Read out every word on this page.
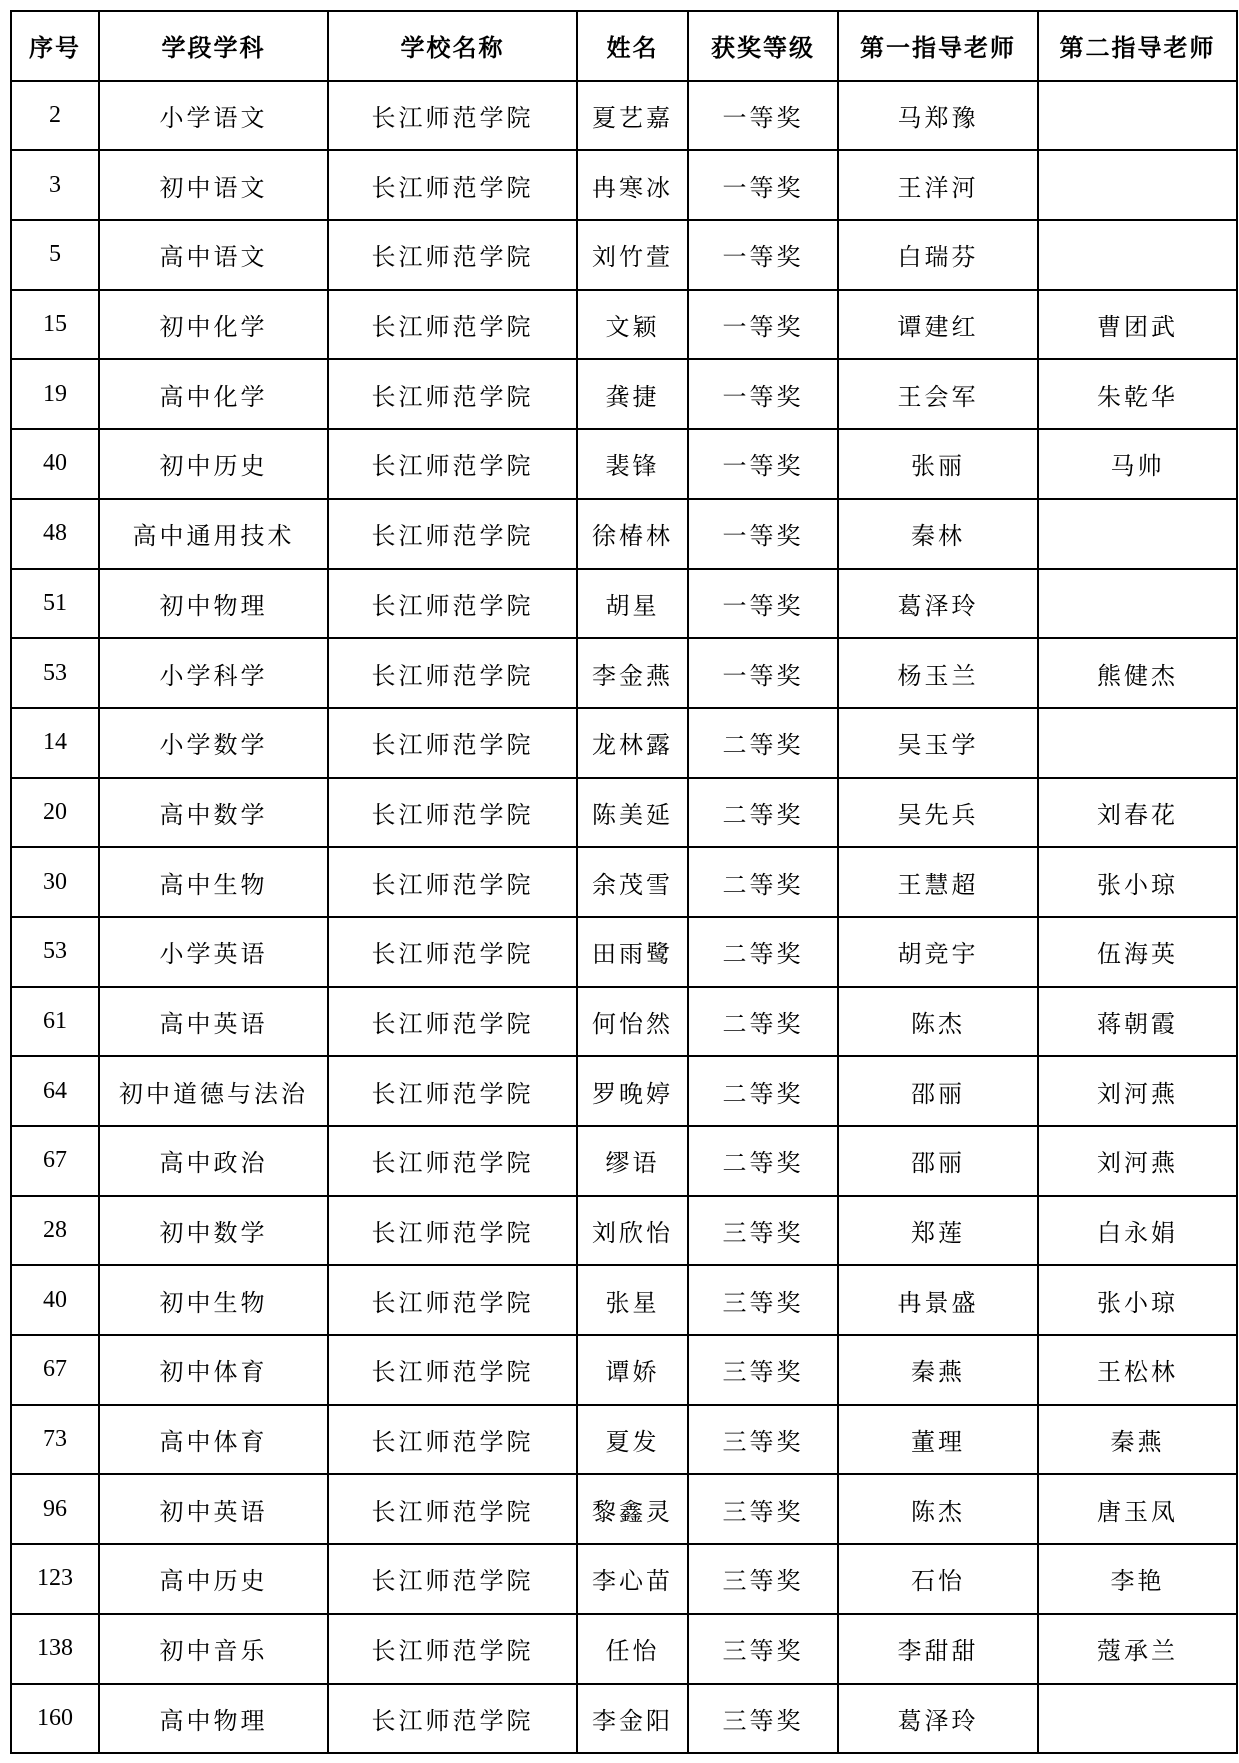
序号	学段学科	学校名称	姓名	获奖等级	第一指导老师	第二指导老师
2	小学语文	长江师范学院	夏艺嘉	一等奖	马郑豫	
3	初中语文	长江师范学院	冉寒冰	一等奖	王洋河	
5	高中语文	长江师范学院	刘竹萱	一等奖	白瑞芬	
15	初中化学	长江师范学院	文颖	一等奖	谭建红	曹团武
19	高中化学	长江师范学院	龚捷	一等奖	王会军	朱乾华
40	初中历史	长江师范学院	裴锋	一等奖	张丽	马帅
48	高中通用技术	长江师范学院	徐椿林	一等奖	秦林	
51	初中物理	长江师范学院	胡星	一等奖	葛泽玲	
53	小学科学	长江师范学院	李金燕	一等奖	杨玉兰	熊健杰
14	小学数学	长江师范学院	龙林露	二等奖	吴玉学	
20	高中数学	长江师范学院	陈美延	二等奖	吴先兵	刘春花
30	高中生物	长江师范学院	余茂雪	二等奖	王慧超	张小琼
53	小学英语	长江师范学院	田雨鹭	二等奖	胡竞宇	伍海英
61	高中英语	长江师范学院	何怡然	二等奖	陈杰	蒋朝霞
64	初中道德与法治	长江师范学院	罗晚婷	二等奖	邵丽	刘河燕
67	高中政治	长江师范学院	缪语	二等奖	邵丽	刘河燕
28	初中数学	长江师范学院	刘欣怡	三等奖	郑莲	白永娟
40	初中生物	长江师范学院	张星	三等奖	冉景盛	张小琼
67	初中体育	长江师范学院	谭娇	三等奖	秦燕	王松林
73	高中体育	长江师范学院	夏发	三等奖	董理	秦燕
96	初中英语	长江师范学院	黎鑫灵	三等奖	陈杰	唐玉凤
123	高中历史	长江师范学院	李心苗	三等奖	石怡	李艳
138	初中音乐	长江师范学院	任怡	三等奖	李甜甜	蔻承兰
160	高中物理	长江师范学院	李金阳	三等奖	葛泽玲	
